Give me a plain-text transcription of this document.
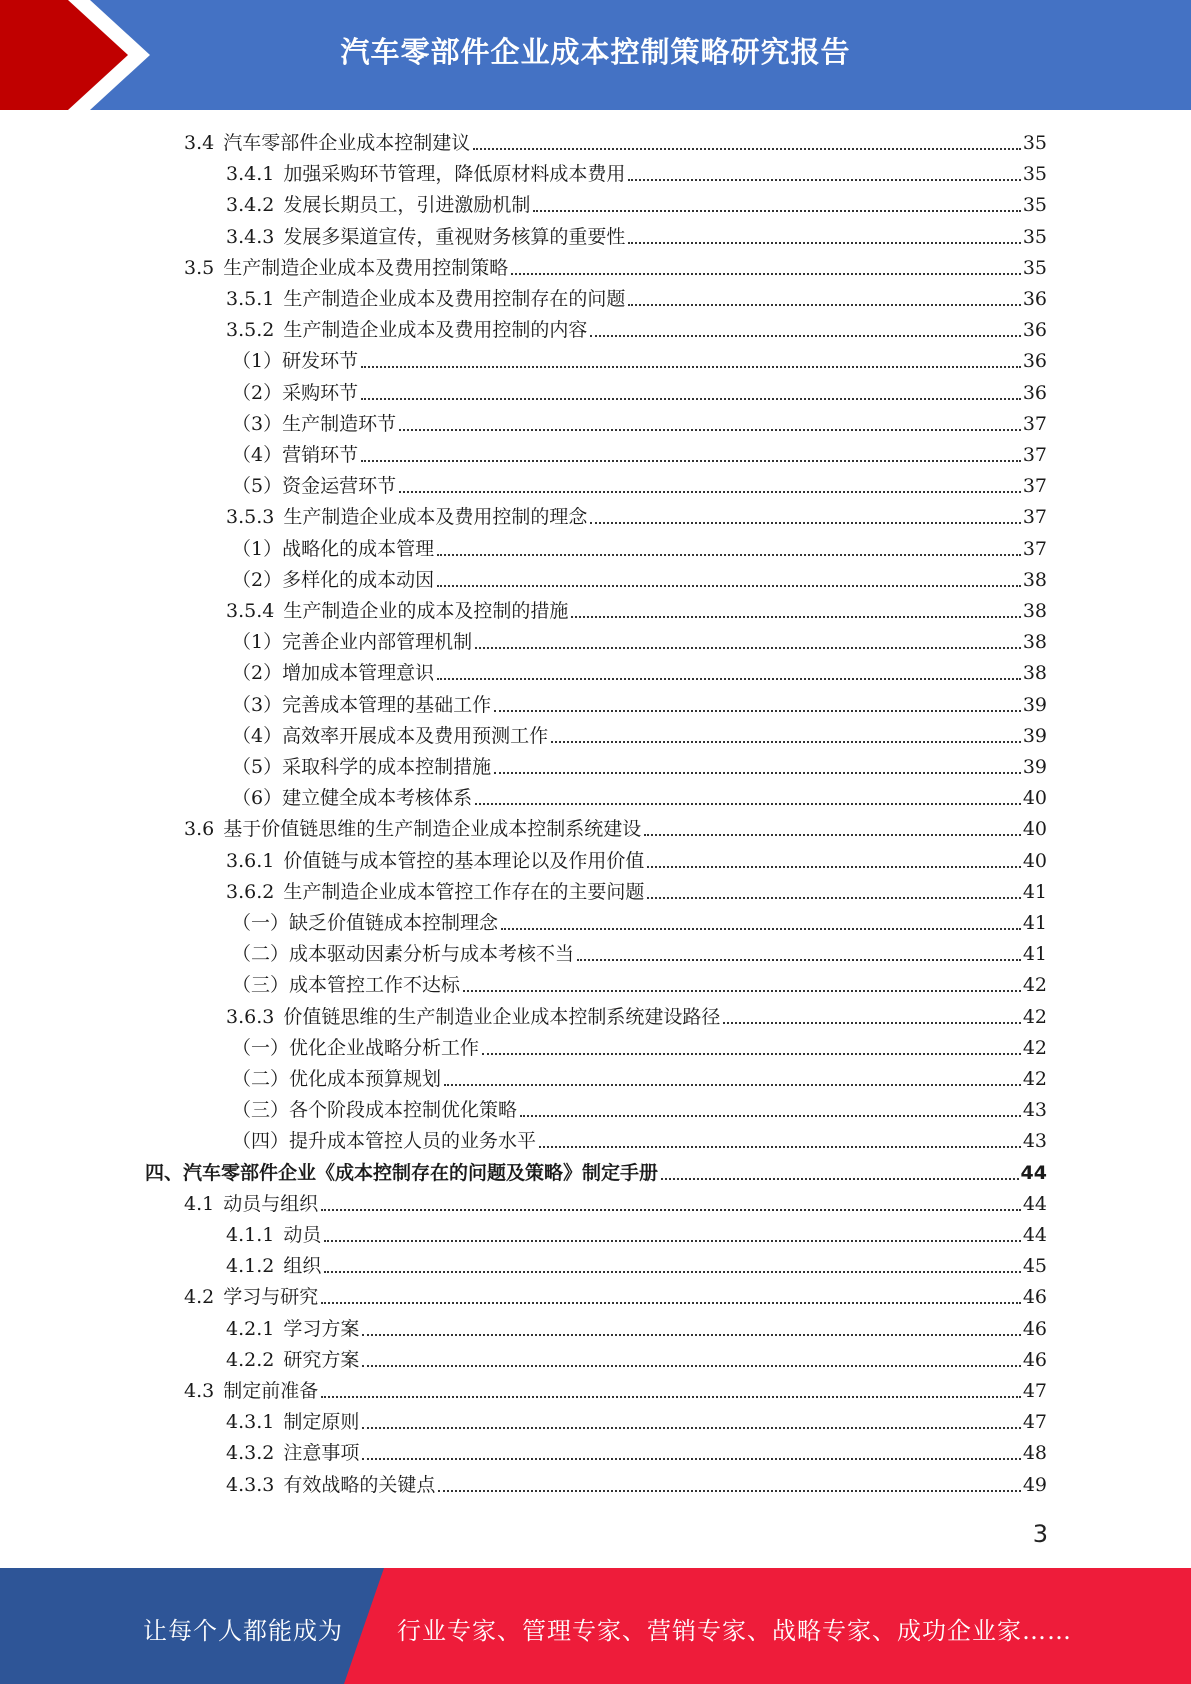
汽车零部件企业成本控制策略研究报告
3.4 汽车零部件企业成本控制建议	35
3.4.1 加强采购环节管理，降低原材料成本费用	35
3.4.2 发展长期员工，引进激励机制	35
3.4.3 发展多渠道宣传，重视财务核算的重要性	35
3.5 生产制造企业成本及费用控制策略	35
3.5.1 生产制造企业成本及费用控制存在的问题	36
3.5.2 生产制造企业成本及费用控制的内容	36
（1）研发环节	36
（2）采购环节	36
（3）生产制造环节	37
（4）营销环节	37
（5）资金运营环节	37
3.5.3 生产制造企业成本及费用控制的理念	37
（1）战略化的成本管理	37
（2）多样化的成本动因	38
3.5.4 生产制造企业的成本及控制的措施	38
（1）完善企业内部管理机制	38
（2）增加成本管理意识	38
（3）完善成本管理的基础工作	39
（4）高效率开展成本及费用预测工作	39
（5）采取科学的成本控制措施	39
（6）建立健全成本考核体系	40
3.6 基于价值链思维的生产制造企业成本控制系统建设	40
3.6.1 价值链与成本管控的基本理论以及作用价值	40
3.6.2 生产制造企业成本管控工作存在的主要问题	41
（一）缺乏价值链成本控制理念	41
（二）成本驱动因素分析与成本考核不当	41
（三）成本管控工作不达标	42
3.6.3 价值链思维的生产制造业企业成本控制系统建设路径	42
（一）优化企业战略分析工作	42
（二）优化成本预算规划	42
（三）各个阶段成本控制优化策略	43
（四）提升成本管控人员的业务水平	43
四、汽车零部件企业《成本控制存在的问题及策略》制定手册	44
4.1 动员与组织	44
4.1.1 动员	44
4.1.2 组织	45
4.2 学习与研究	46
4.2.1 学习方案	46
4.2.2 研究方案	46
4.3 制定前准备	47
4.3.1 制定原则	47
4.3.2 注意事项	48
4.3.3 有效战略的关键点	49
3
让每个人都能成为 行业专家、管理专家、营销专家、战略专家、成功企业家……
